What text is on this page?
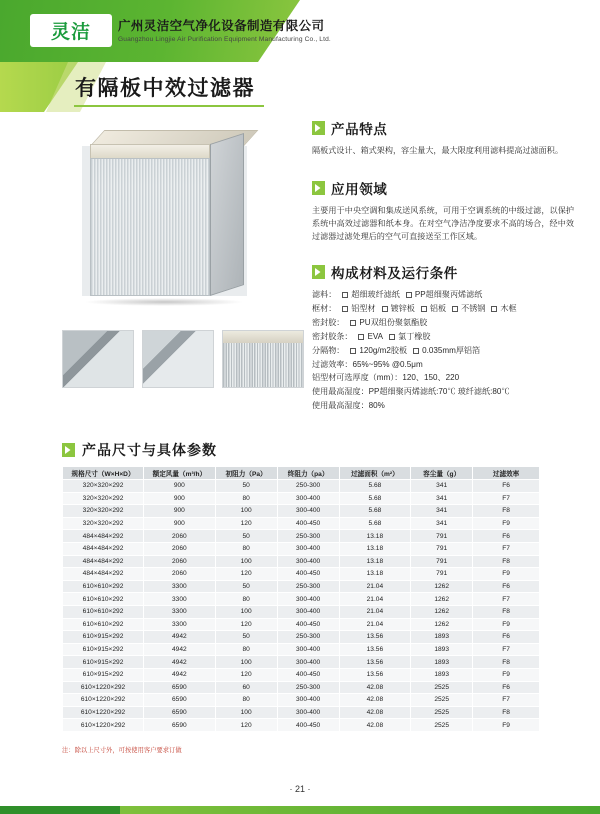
灵洁 广州灵洁空气净化设备制造有限公司
Guangzhou Lingjie Air Purification Equipment Manufacturing Co., Ltd.
有隔板中效过滤器
产品特点
隔板式设计、箱式架构，容尘量大，最大限度利用滤料提高过滤面积。
应用领域
主要用于中央空调和集成送风系统，可用于空调系统的中级过滤，以保护系统中高效过滤器和纸本身。在对空气净洁净度要求不高的场合，经中效过滤器过滤处理后的空气可直接送至工作区域。
构成材料及运行条件
滤料： 超细玻纤滤纸 PP超细聚丙烯滤纸
框材： 铝型材 镀锌板 铝板 不锈钢 木框
密封胶： PU双组份聚氨酯胶
密封胶条： EVA 氯丁橡胶
分隔物： 120g/m2胶板 0.035mm厚铝箔
过滤效率：65%~95% @0.5μm
铝型材可选厚度（mm）：120、150、220
使用最高湿度：PP超细聚丙烯滤纸:70℃ 玻纤滤纸:80℃
使用最高湿度：80%
产品尺寸与具体参数
规格尺寸（W×H×D）	额定风量（m³/h）	初阻力（Pa）	终阻力（pa）	过滤面积（m²）	容尘量（g）	过滤效率
320×320×292	900	50	250-300	5.68	341	F6
320×320×292	900	80	300-400	5.68	341	F7
320×320×292	900	100	300-400	5.68	341	F8
320×320×292	900	120	400-450	5.68	341	F9
484×484×292	2060	50	250-300	13.18	791	F6
484×484×292	2060	80	300-400	13.18	791	F7
484×484×292	2060	100	300-400	13.18	791	F8
484×484×292	2060	120	400-450	13.18	791	F9
610×610×292	3300	50	250-300	21.04	1262	F6
610×610×292	3300	80	300-400	21.04	1262	F7
610×610×292	3300	100	300-400	21.04	1262	F8
610×610×292	3300	120	400-450	21.04	1262	F9
610×915×292	4942	50	250-300	13.56	1893	F6
610×915×292	4942	80	300-400	13.56	1893	F7
610×915×292	4942	100	300-400	13.56	1893	F8
610×915×292	4942	120	400-450	13.56	1893	F9
610×1220×292	6590	60	250-300	42.08	2525	F6
610×1220×292	6590	80	300-400	42.08	2525	F7
610×1220×292	6590	100	300-400	42.08	2525	F8
610×1220×292	6590	120	400-450	42.08	2525	F9
注：除以上尺寸外，可按使用客户要求订做
· 21 ·
